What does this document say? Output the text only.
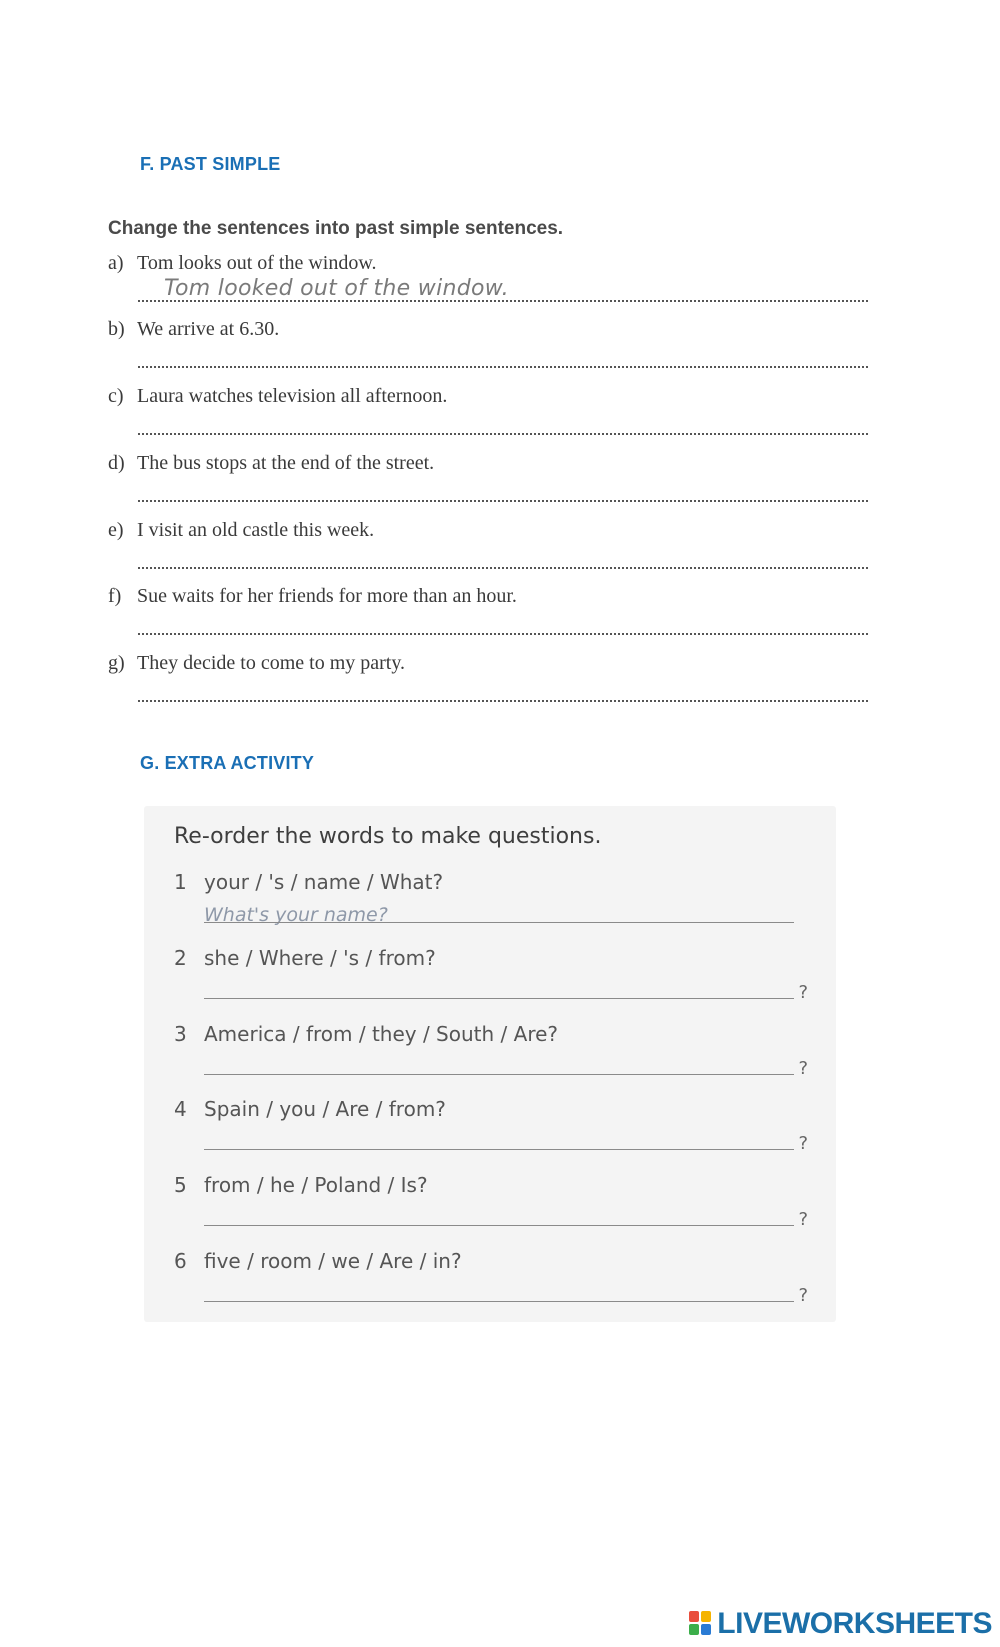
F. PAST SIMPLE
Change the sentences into past simple sentences.
a) Tom looks out of the window.
Tom looked out of the window.
b) We arrive at 6.30.
c) Laura watches television all afternoon.
d) The bus stops at the end of the street.
e) I visit an old castle this week.
f) Sue waits for her friends for more than an hour.
g) They decide to come to my party.
G. EXTRA ACTIVITY
Re-order the words to make questions.
1 your / 's / name / What?
What's your name?
2 she / Where / 's / from?
?
3 America / from / they / South / Are?
?
4 Spain / you / Are / from?
?
5 from / he / Poland / Is?
?
6 five / room / we / Are / in?
?
LIVEWORKSHEETS
